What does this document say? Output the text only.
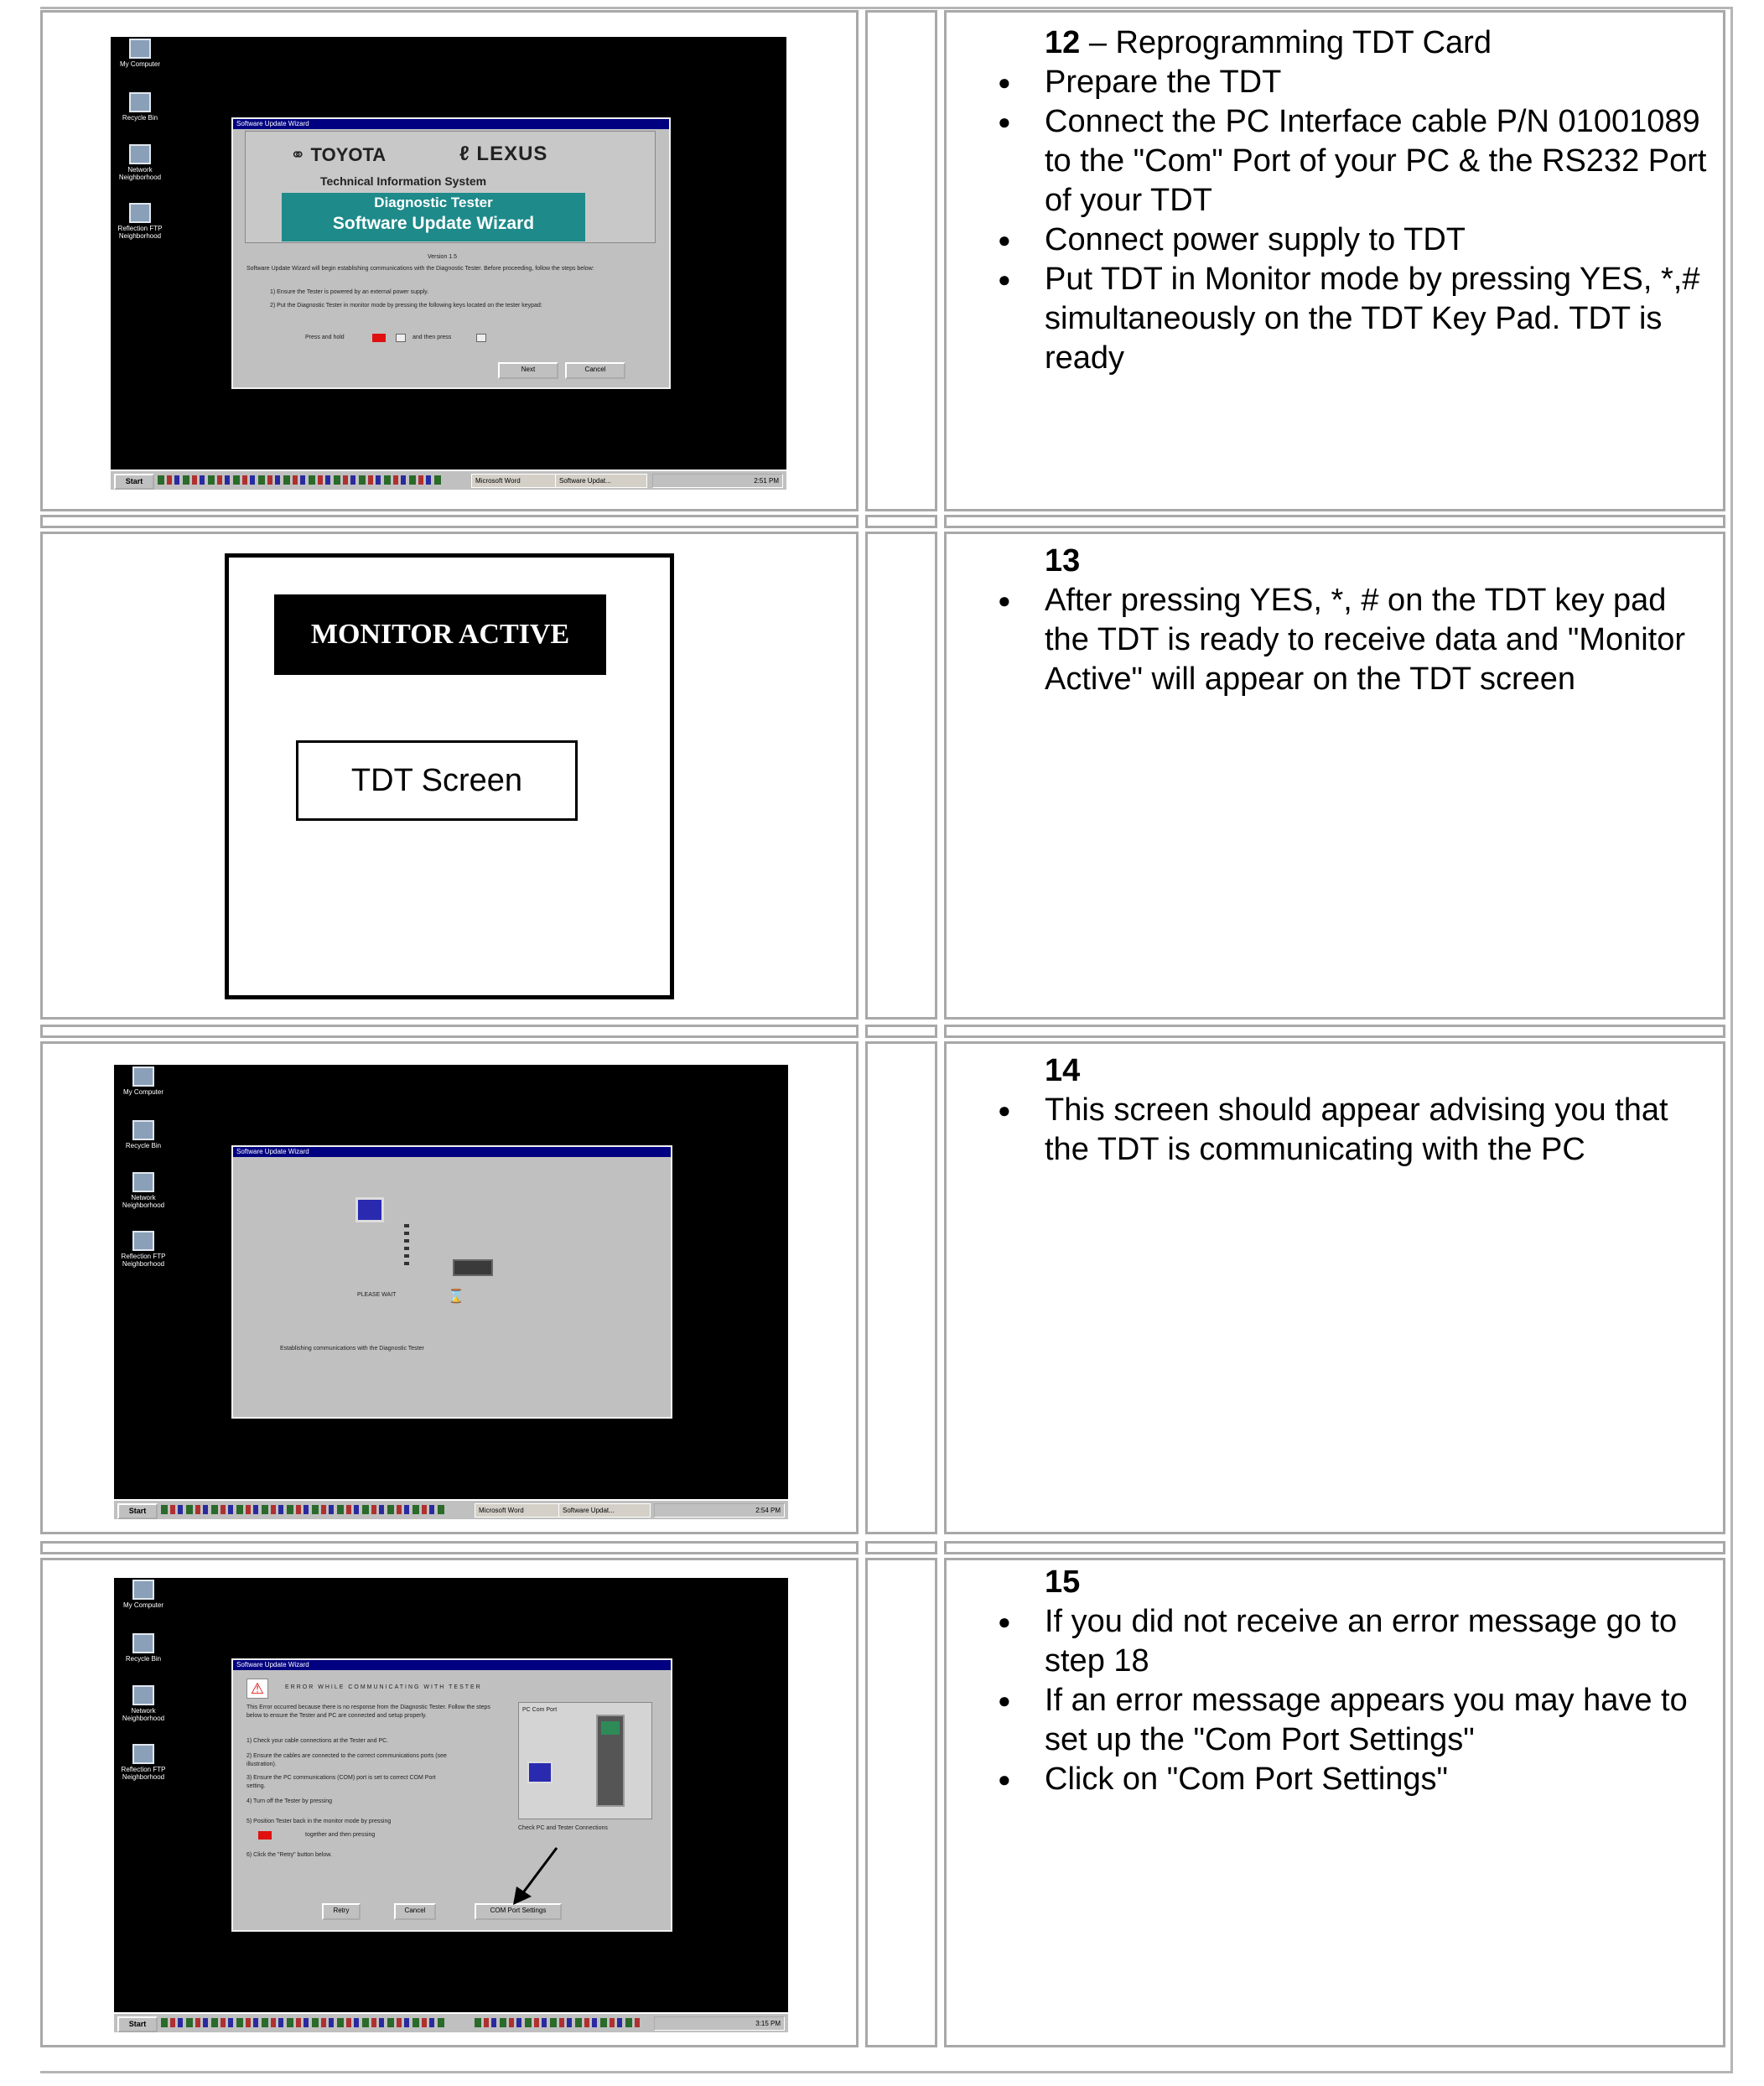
My Computer
Recycle Bin
Network Neighborhood
Reflection FTP Neighborhood
Software Update Wizard
⚭ TOYOTA	ℓ LEXUS
Technical Information System
Diagnostic Tester
Software Update Wizard
Version 1.5
Software Update Wizard will begin establishing communications with the Diagnostic Tester. Before proceeding, follow the steps below:
1) Ensure the Tester is powered by an external power supply.
2) Put the Diagnostic Tester in monitor mode by pressing the following keys located on the tester keypad:
Press and hold	and then press
Next	Cancel
Start	Microsoft Word	Software Updat...	2:51 PM
12 – Reprogramming TDT Card
● Prepare the TDT
● Connect the PC Interface cable P/N 01001089 to the "Com" Port of your PC & the RS232 Port of your TDT
● Connect power supply to TDT
● Put TDT in Monitor mode by pressing YES, *,# simultaneously on the TDT Key Pad. TDT is ready
MONITOR ACTIVE
TDT Screen
13
● After pressing YES, *, # on the TDT key pad the TDT is ready to receive data and "Monitor Active" will appear on the TDT screen
My Computer
Recycle Bin
Network Neighborhood
Reflection FTP Neighborhood
Software Update Wizard
⌛
PLEASE WAIT
Establishing communications with the Diagnostic Tester
Start	Microsoft Word	Software Updat...	2:54 PM
14
● This screen should appear advising you that the TDT is communicating with the PC
My Computer
Recycle Bin
Network Neighborhood
Reflection FTP Neighborhood
Software Update Wizard
⚠	ERROR WHILE COMMUNICATING WITH TESTER
This Error occurred because there is no response from the Diagnostic Tester. Follow the steps below to ensure the Tester and PC are connected and setup properly.
1) Check your cable connections at the Tester and PC.
2) Ensure the cables are connected to the correct communications ports (see illustration).
3) Ensure the PC communications (COM) port is set to correct COM Port setting.
4) Turn off the Tester by pressing
5) Position Tester back in the monitor mode by pressing
together and then pressing
6) Click the "Retry" button below.
PC Com Port
Check PC and Tester Connections
Retry	Cancel	COM Port Settings
Start	3:15 PM
15
● If you did not receive an error message go to step 18
● If an error message appears you may have to set up the "Com Port Settings"
● Click on "Com Port Settings"
